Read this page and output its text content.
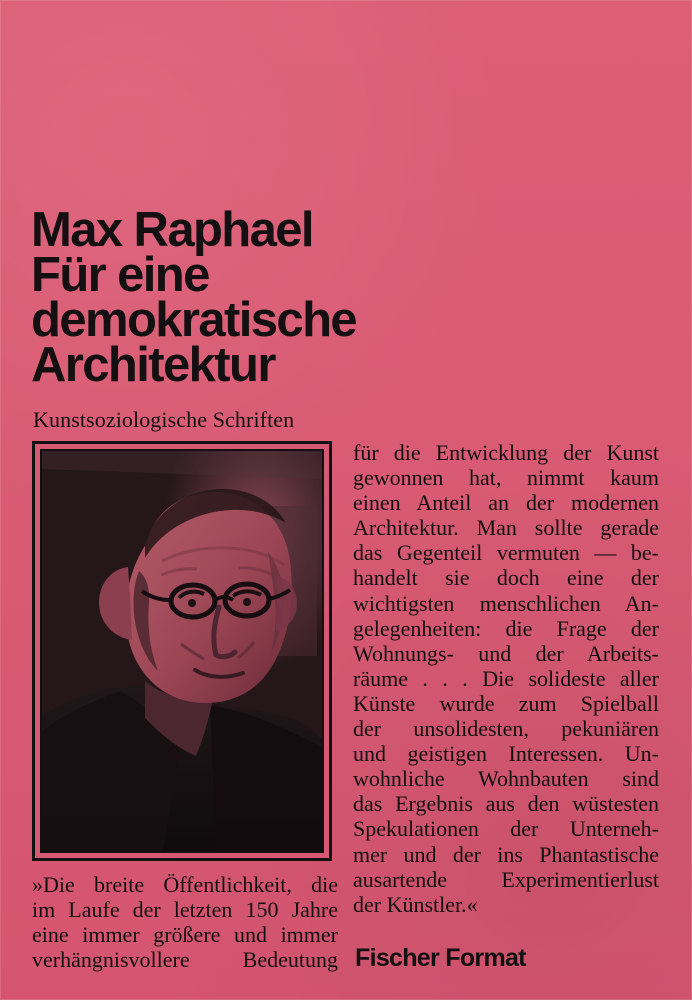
Max Raphael
Für eine
demokratische
Architektur
Kunstsoziologische Schriften
für die Entwicklung der Kunst
gewonnen hat, nimmt kaum
einen Anteil an der modernen
Architektur. Man sollte gerade
das Gegenteil vermuten — be-
handelt sie doch eine der
wichtigsten menschlichen An-
gelegenheiten: die Frage der
Wohnungs- und der Arbeits-
räume . . . Die solideste aller
Künste wurde zum Spielball
der unsolidesten, pekuniären
und geistigen Interessen. Un-
wohnliche Wohnbauten sind
das Ergebnis aus den wüstesten
Spekulationen der Unterneh-
mer und der ins Phantastische
ausartende Experimentierlust
der Künstler.«
»Die breite Öffentlichkeit, die
im Laufe der letzten 150 Jahre
eine immer größere und immer
verhängnisvollere Bedeutung Fischer Format
